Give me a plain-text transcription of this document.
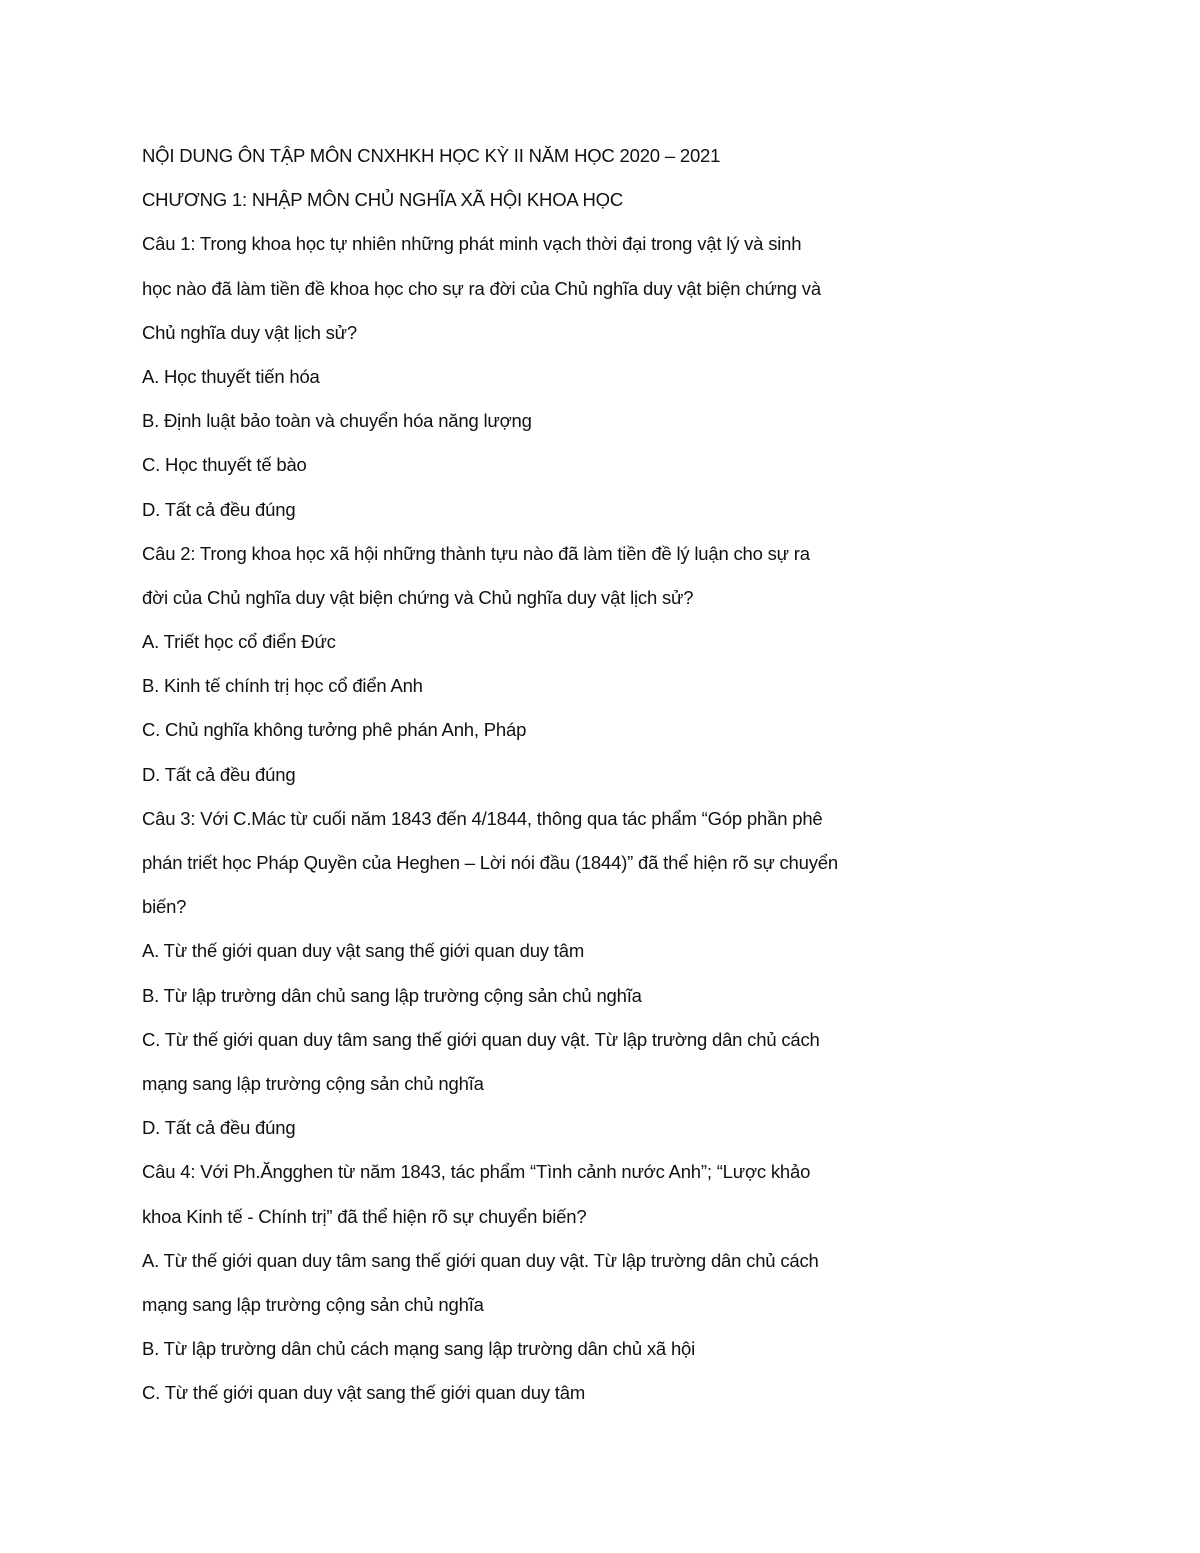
NỘI DUNG ÔN TẬP MÔN CNXHKH HỌC KỲ II NĂM HỌC 2020 – 2021
CHƯƠNG 1: NHẬP MÔN CHỦ NGHĨA XÃ HỘI KHOA HỌC
Câu 1: Trong khoa học tự nhiên những phát minh vạch thời đại trong vật lý và sinh
học nào đã làm tiền đề khoa học cho sự ra đời của Chủ nghĩa duy vật biện chứng và
Chủ nghĩa duy vật lịch sử?
A. Học thuyết tiến hóa
B. Định luật bảo toàn và chuyển hóa năng lượng
C. Học thuyết tế bào
D. Tất cả đều đúng
Câu 2: Trong khoa học xã hội những thành tựu nào đã làm tiền đề lý luận cho sự ra
đời của Chủ nghĩa duy vật biện chứng và Chủ nghĩa duy vật lịch sử?
A. Triết học cổ điển Đức
B. Kinh tế chính trị học cổ điển Anh
C. Chủ nghĩa không tưởng phê phán Anh, Pháp
D. Tất cả đều đúng
Câu 3: Với C.Mác từ cuối năm 1843 đến 4/1844, thông qua tác phẩm “Góp phần phê
phán triết học Pháp Quyền của Heghen – Lời nói đầu (1844)” đã thể hiện rõ sự chuyển
biến?
A. Từ thế giới quan duy vật sang thế giới quan duy tâm
B. Từ lập trường dân chủ sang lập trường cộng sản chủ nghĩa
C. Từ thế giới quan duy tâm sang thế giới quan duy vật. Từ lập trường dân chủ cách
mạng sang lập trường cộng sản chủ nghĩa
D. Tất cả đều đúng
Câu 4: Với Ph.Ăngghen từ năm 1843, tác phẩm “Tình cảnh nước Anh”; “Lược khảo
khoa Kinh tế - Chính trị” đã thể hiện rõ sự chuyển biến?
A. Từ thế giới quan duy tâm sang thế giới quan duy vật. Từ lập trường dân chủ cách
mạng sang lập trường cộng sản chủ nghĩa
B. Từ lập trường dân chủ cách mạng sang lập trường dân chủ xã hội
C. Từ thế giới quan duy vật sang thế giới quan duy tâm
